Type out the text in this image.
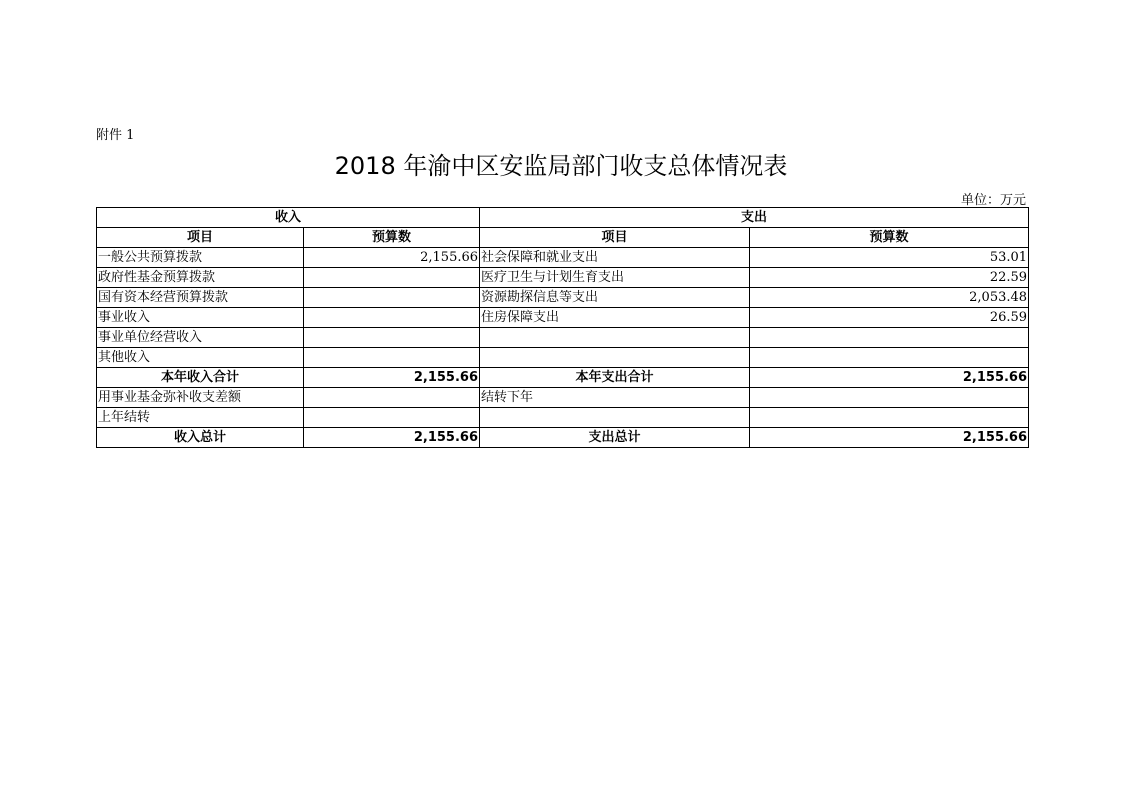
附件 1
2018 年渝中区安监局部门收支总体情况表
单位：万元
收入		支出	
项目	预算数	项目	预算数
一般公共预算拨款	2,155.66	社会保障和就业支出	53.01
政府性基金预算拨款		医疗卫生与计划生育支出	22.59
国有资本经营预算拨款		资源勘探信息等支出	2,053.48
事业收入		住房保障支出	26.59
事业单位经营收入			
其他收入			
本年收入合计	2,155.66	本年支出合计	2,155.66
用事业基金弥补收支差额		结转下年	
上年结转			
收入总计	2,155.66	支出总计	2,155.66
